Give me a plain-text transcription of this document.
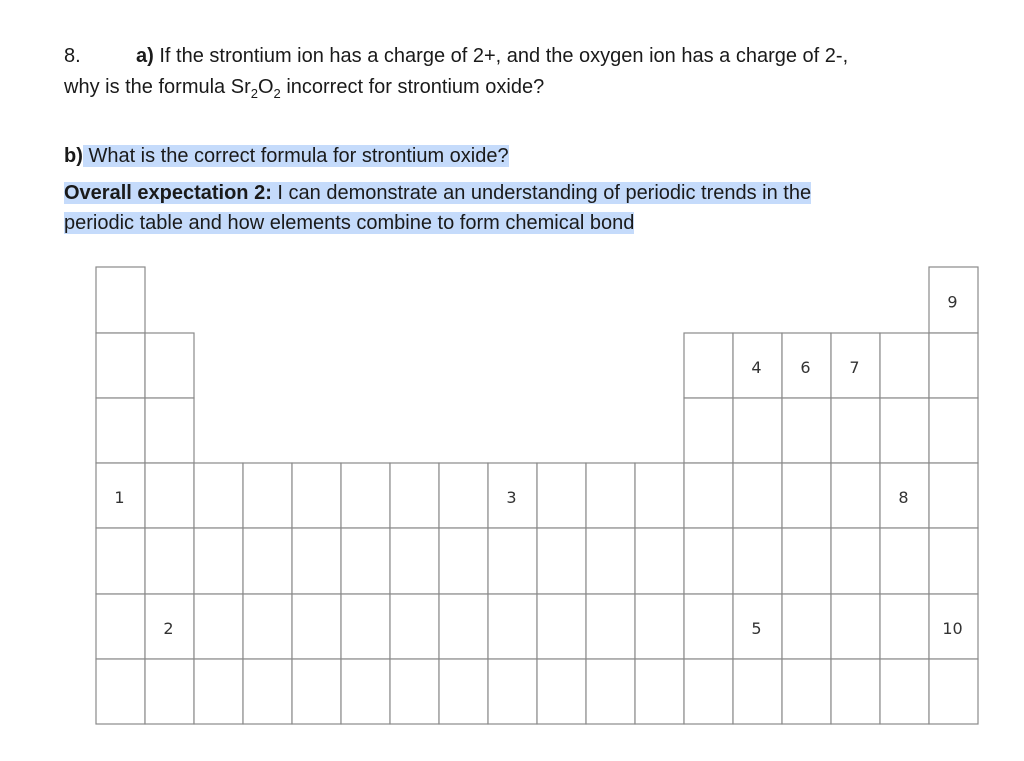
8.	a) If the strontium ion has a charge of 2+, and the oxygen ion has a charge of 2-,
why is the formula $Sr_2O_2$ incorrect for strontium oxide?
b) What is the correct formula for strontium oxide?
Overall expectation 2: I can demonstrate an understanding of periodic trends in the
periodic table and how elements combine to form chemical bond
1
2
3
4
5
6 7
8
9
10
